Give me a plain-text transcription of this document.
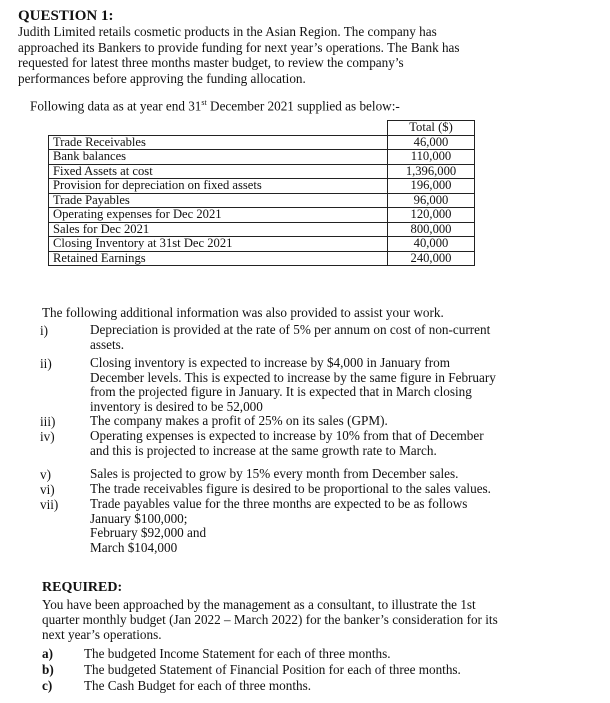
QUESTION 1:
Judith Limited retails cosmetic products in the Asian Region. The company has
approached its Bankers to provide funding for next year’s operations. The Bank has
requested for latest three months master budget, to review the company’s
performances before approving the funding allocation.
Following data as at year end 31st December 2021 supplied as below:-
	Total ($)
Trade Receivables	46,000
Bank balances	110,000
Fixed Assets at cost	1,396,000
Provision for depreciation on fixed assets	196,000
Trade Payables	96,000
Operating expenses for Dec 2021	120,000
Sales for Dec 2021	800,000
Closing Inventory at 31st Dec 2021	40,000
Retained Earnings	240,000
The following additional information was also provided to assist your work.
i)	Depreciation is provided at the rate of 5% per annum on cost of non-current
assets.
ii)	Closing inventory is expected to increase by $4,000 in January from
December levels. This is expected to increase by the same figure in February
from the projected figure in January. It is expected that in March closing
inventory is desired to be 52,000
iii)	The company makes a profit of 25% on its sales (GPM).
iv)	Operating expenses is expected to increase by 10% from that of December
and this is projected to increase at the same growth rate to March.
v)	Sales is projected to grow by 15% every month from December sales.
vi)	The trade receivables figure is desired to be proportional to the sales values.
vii) Trade payables value for the three months are expected to be as follows
January $100,000;
February $92,000 and
March $104,000
REQUIRED:
You have been approached by the management as a consultant, to illustrate the 1st
quarter monthly budget (Jan 2022 – March 2022) for the banker’s consideration for its
next year’s operations.
a) The budgeted Income Statement for each of three months.
b) The budgeted Statement of Financial Position for each of three months.
c) The Cash Budget for each of three months.
